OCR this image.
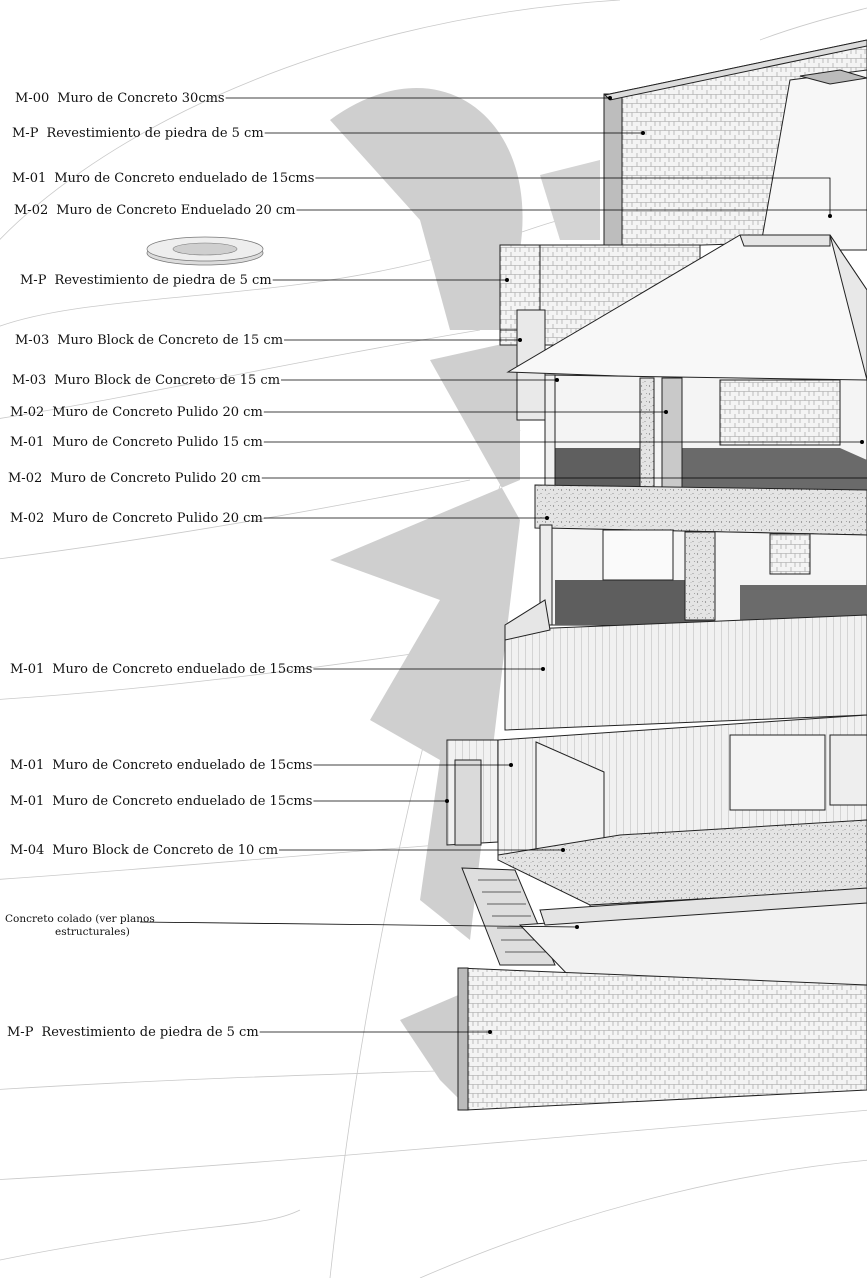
M-00 Muro de Concreto 30cms
M-P Revestimiento de piedra de 5 cm
M-01 Muro de Concreto enduelado de 15cms
M-02 Muro de Concreto Enduelado 20 cm
M-P Revestimiento de piedra de 5 cm
M-03 Muro Block de Concreto de 15 cm
M-03 Muro Block de Concreto de 15 cm
M-02 Muro de Concreto Pulido 20 cm
M-01 Muro de Concreto Pulido 15 cm
M-02 Muro de Concreto Pulido 20 cm
M-02 Muro de Concreto Pulido 20 cm
M-01 Muro de Concreto enduelado de 15cms
M-01 Muro de Concreto enduelado de 15cms
M-01 Muro de Concreto enduelado de 15cms
M-04 Muro Block de Concreto de 10 cm
Concreto colado (ver planos estructurales)
M-P Revestimiento de piedra de 5 cm
